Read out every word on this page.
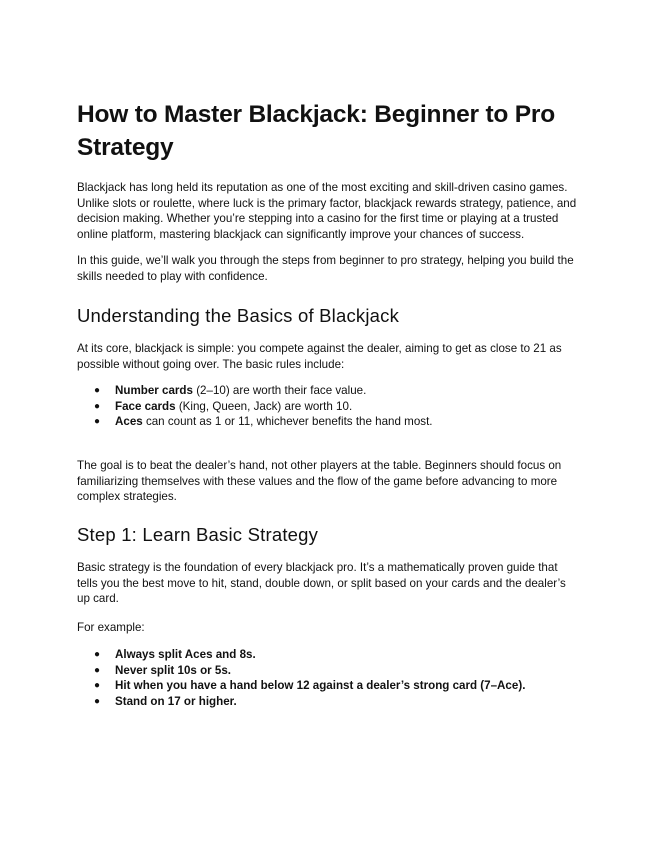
How to Master Blackjack: Beginner to Pro Strategy

Blackjack has long held its reputation as one of the most exciting and skill-driven casino games. Unlike slots or roulette, where luck is the primary factor, blackjack rewards strategy, patience, and decision making. Whether you’re stepping into a casino for the first time or playing at a trusted online platform, mastering blackjack can significantly improve your chances of success.

In this guide, we’ll walk you through the steps from beginner to pro strategy, helping you build the skills needed to play with confidence.

Understanding the Basics of Blackjack

At its core, blackjack is simple: you compete against the dealer, aiming to get as close to 21 as possible without going over. The basic rules include:

● Number cards (2–10) are worth their face value.
● Face cards (King, Queen, Jack) are worth 10.
● Aces can count as 1 or 11, whichever benefits the hand most.

The goal is to beat the dealer’s hand, not other players at the table. Beginners should focus on familiarizing themselves with these values and the flow of the game before advancing to more complex strategies.

Step 1: Learn Basic Strategy

Basic strategy is the foundation of every blackjack pro. It’s a mathematically proven guide that tells you the best move to hit, stand, double down, or split based on your cards and the dealer’s up card.

For example:

● Always split Aces and 8s.
● Never split 10s or 5s.
● Hit when you have a hand below 12 against a dealer’s strong card (7–Ace).
● Stand on 17 or higher.
